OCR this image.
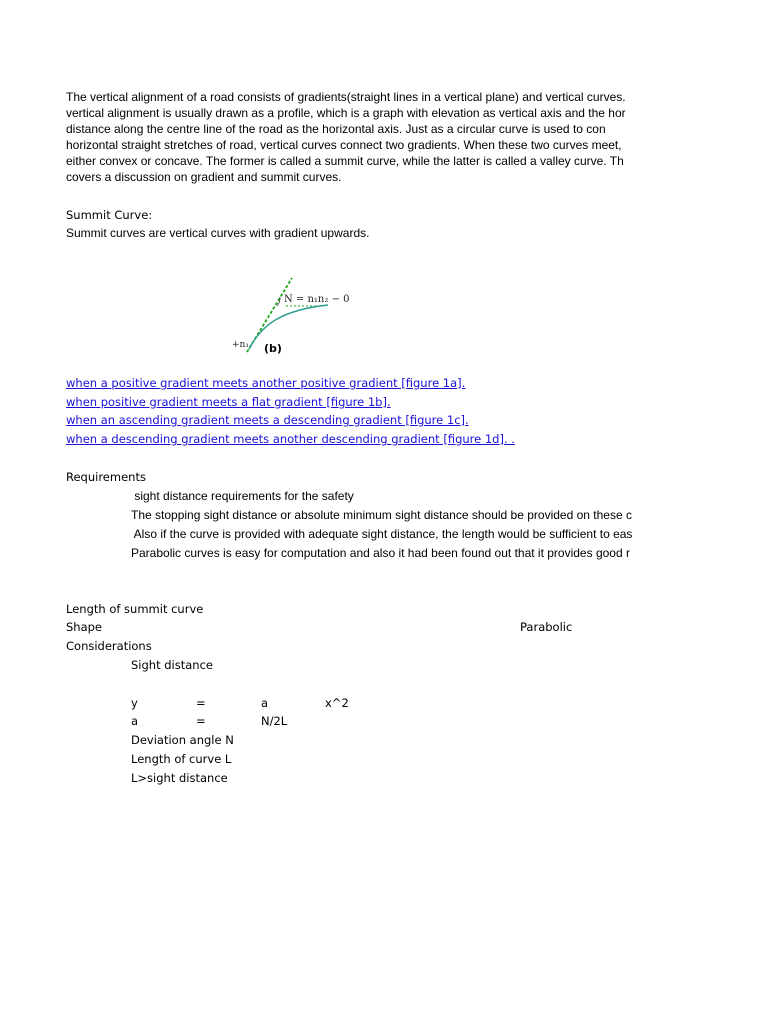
The vertical alignment of a road consists of gradients(straight lines in a vertical plane) and vertical curves.
vertical alignment is usually drawn as a profile, which is a graph with elevation as vertical axis and the hor
distance along the centre line of the road as the horizontal axis. Just as a circular curve is used to con
horizontal straight stretches of road, vertical curves connect two gradients. When these two curves meet,
either convex or concave. The former is called a summit curve, while the latter is called a valley curve. Th
covers a discussion on gradient and summit curves.
Summit Curve:
Summit curves are vertical curves with gradient upwards.
N = n₁n₂ − 0
+n₁ (b)
when a positive gradient meets another positive gradient [figure 1a].
when positive gradient meets a flat gradient [figure 1b].
when an ascending gradient meets a descending gradient [figure 1c].
when a descending gradient meets another descending gradient [figure 1d]. .
Requirements
sight distance requirements for the safety
The stopping sight distance or absolute minimum sight distance should be provided on these c
Also if the curve is provided with adequate sight distance, the length would be sufficient to eas
Parabolic curves is easy for computation and also it had been found out that it provides good r
Length of summit curve
Shape	Parabolic
Considerations
Sight distance
y	=	a	x^2
a	=	N/2L
Deviation angle N
Length of curve L
L>sight distance
